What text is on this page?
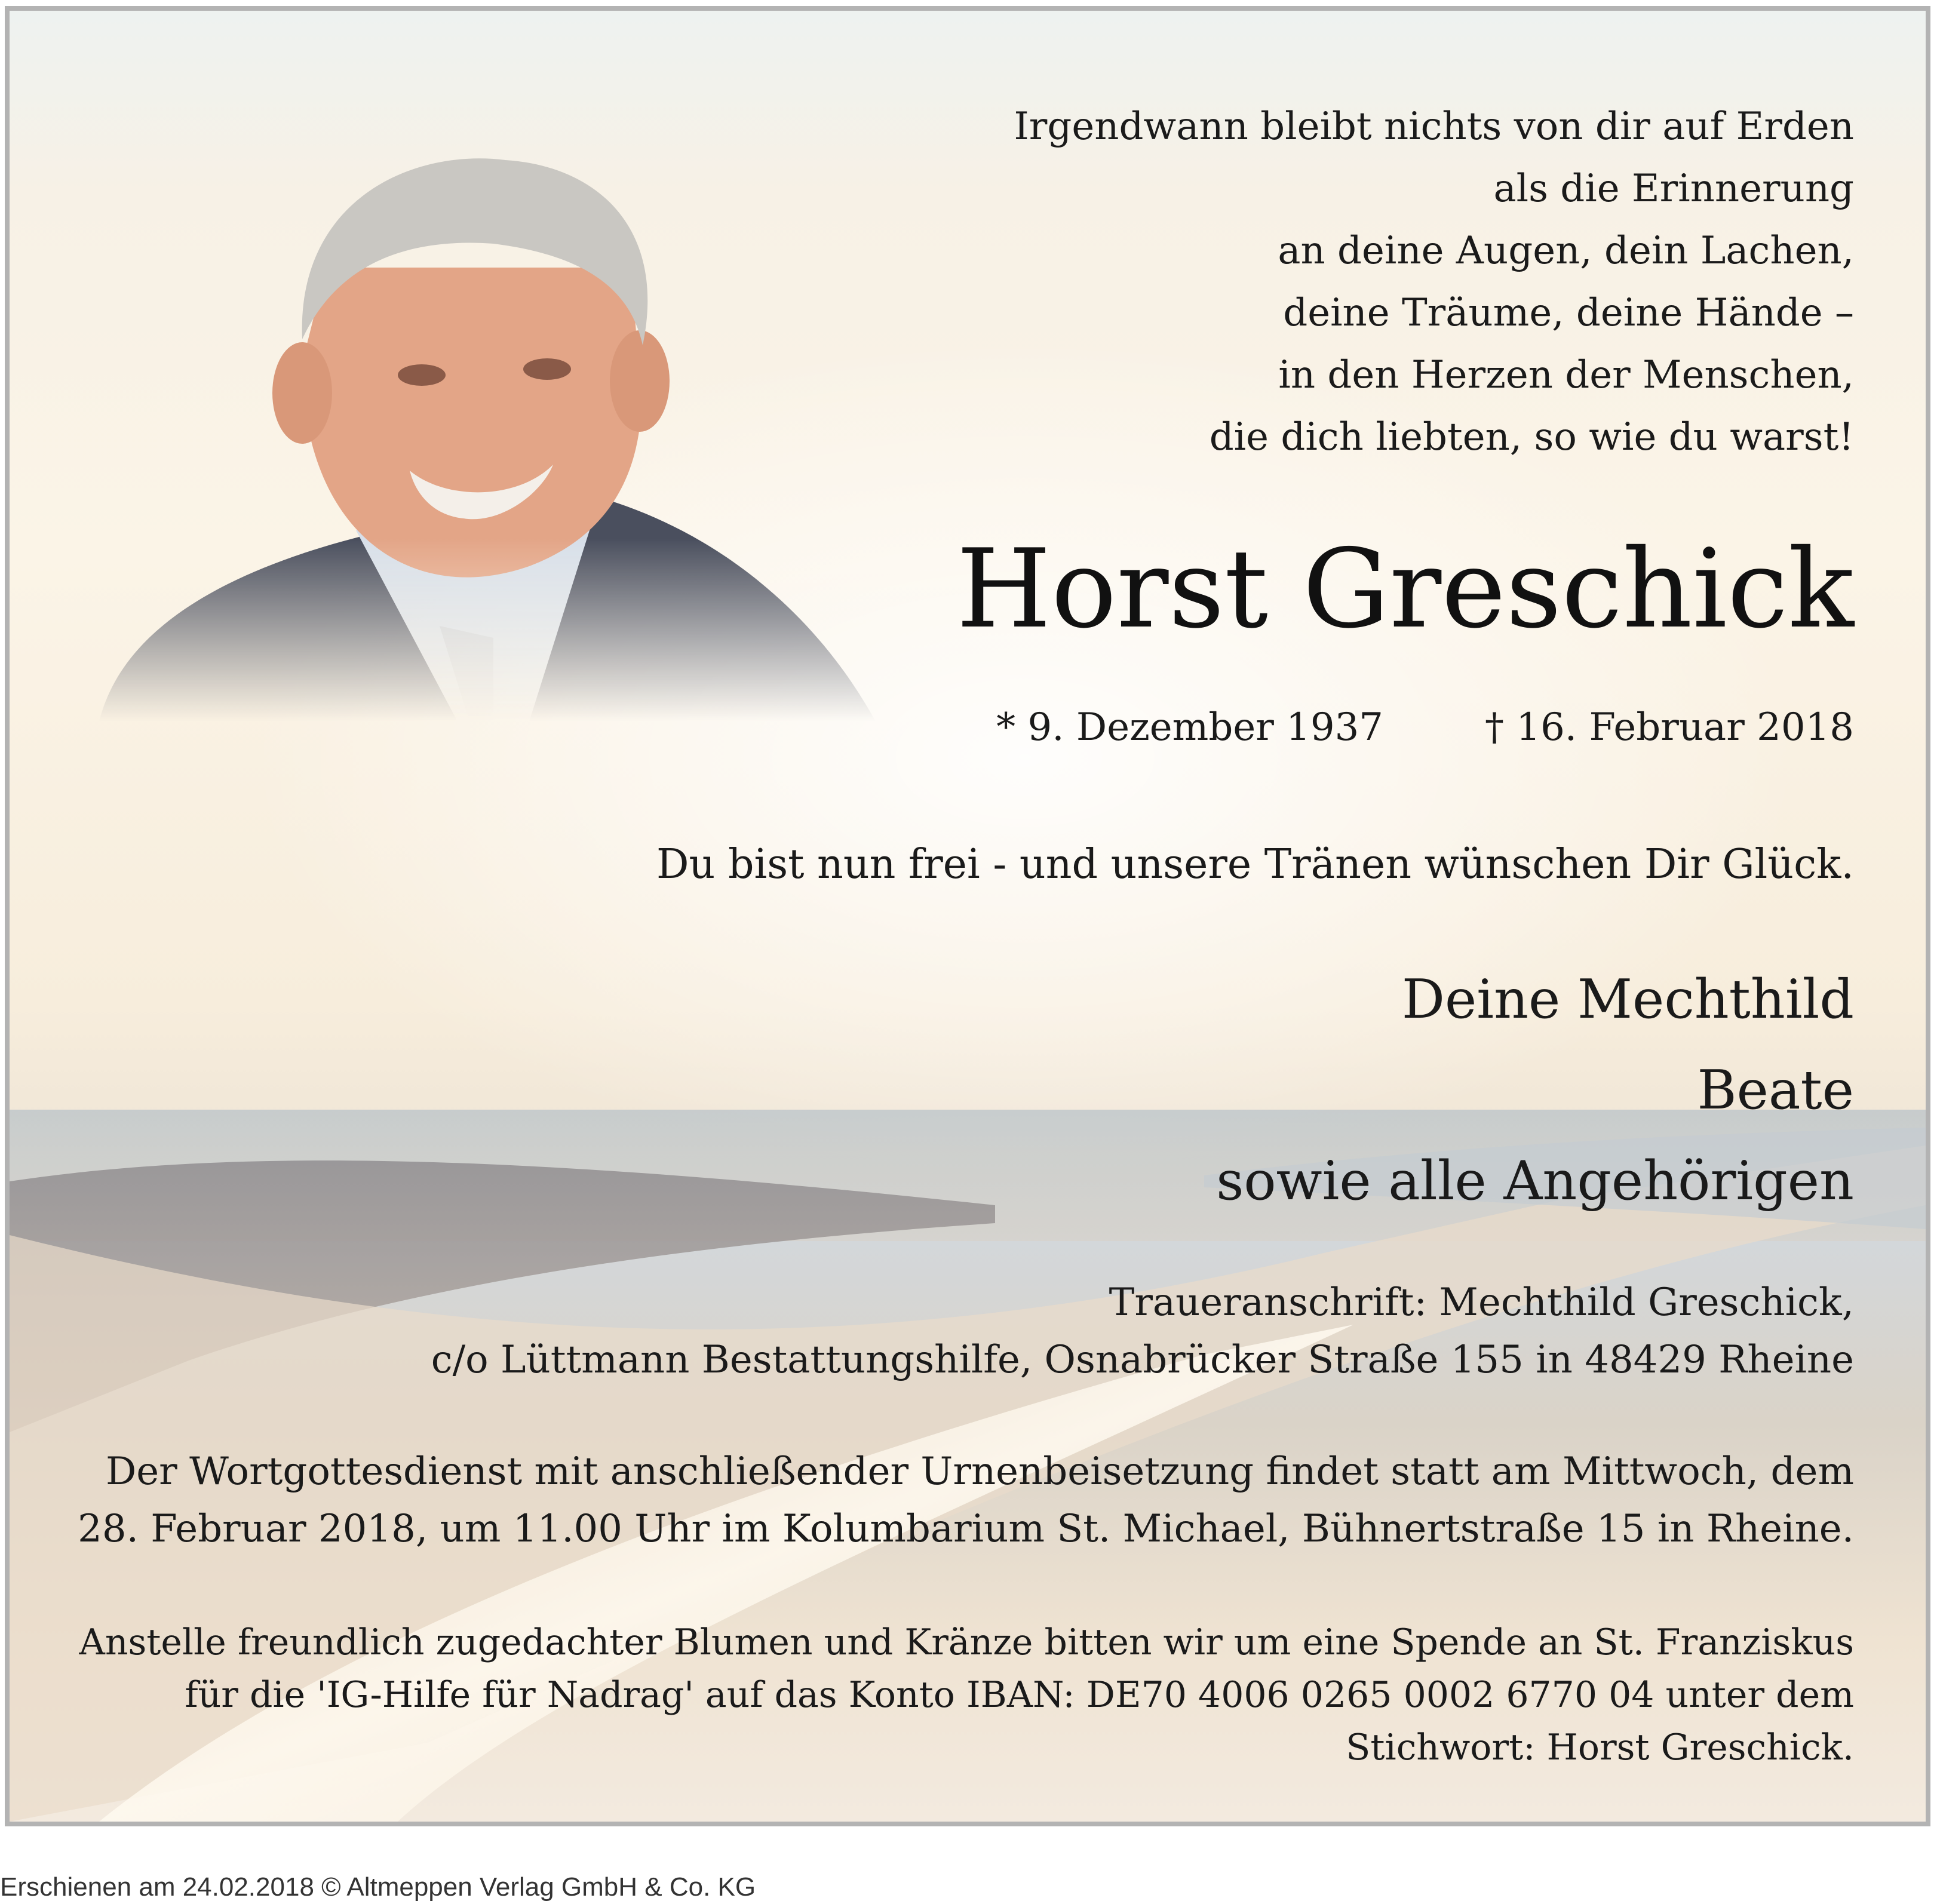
Irgendwann bleibt nichts von dir auf Erden
als die Erinnerung
an deine Augen, dein Lachen,
deine Träume, deine Hände –
in den Herzen der Menschen,
die dich liebten, so wie du warst!
Horst Greschick
* 9. Dezember 1937	† 16. Februar 2018
Du bist nun frei - und unsere Tränen wünschen Dir Glück.
Deine Mechthild
Beate
sowie alle Angehörigen
Traueranschrift: Mechthild Greschick,
c/o Lüttmann Bestattungshilfe, Osnabrücker Straße 155 in 48429 Rheine
Der Wortgottesdienst mit anschließender Urnenbeisetzung findet statt am Mittwoch, dem
28. Februar 2018, um 11.00 Uhr im Kolumbarium St. Michael, Bühnertstraße 15 in Rheine.
Anstelle freundlich zugedachter Blumen und Kränze bitten wir um eine Spende an St. Franziskus
für die 'IG-Hilfe für Nadrag' auf das Konto IBAN: DE70 4006 0265 0002 6770 04 unter dem
Stichwort: Horst Greschick.
Erschienen am 24.02.2018 © Altmeppen Verlag GmbH & Co. KG
